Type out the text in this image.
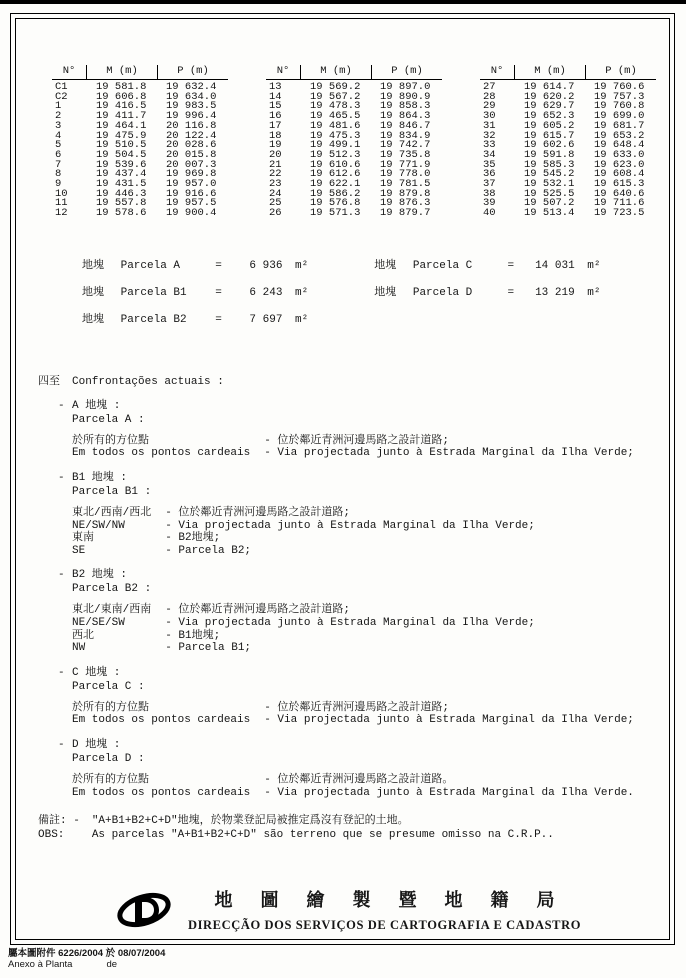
N°	M (m)	P (m)
C1	19 581.8	19 632.4
C2	19 606.8	19 634.0
1	19 416.5	19 983.5
2	19 411.7	19 996.4
3	19 464.1	20 116.8
4	19 475.9	20 122.4
5	19 510.5	20 028.6
6	19 504.5	20 015.8
7	19 539.6	20 007.3
8	19 437.4	19 969.8
9	19 431.5	19 957.0
10	19 446.3	19 916.6
11	19 557.8	19 957.5
12	19 578.6	19 900.4
N°	M (m)	P (m)
13	19 569.2	19 897.0
14	19 567.2	19 890.9
15	19 478.3	19 858.3
16	19 465.5	19 864.3
17	19 481.6	19 846.7
18	19 475.3	19 834.9
19	19 499.1	19 742.7
20	19 512.3	19 735.8
21	19 610.6	19 771.9
22	19 612.6	19 778.0
23	19 622.1	19 781.5
24	19 586.2	19 879.8
25	19 576.8	19 876.3
26	19 571.3	19 879.7
N°	M (m)	P (m)
27	19 614.7	19 760.6
28	19 620.2	19 757.3
29	19 629.7	19 760.8
30	19 652.3	19 699.0
31	19 605.2	19 681.7
32	19 615.7	19 653.2
33	19 602.6	19 648.4
34	19 591.8	19 633.0
35	19 585.3	19 623.0
36	19 545.2	19 608.4
37	19 532.1	19 615.3
38	19 525.5	19 640.6
39	19 507.2	19 711.6
40	19 513.4	19 723.5
地塊 Parcela A	=	6 936 m²
地塊 Parcela B1	=	6 243 m²
地塊 Parcela B2	=	7 697 m²
地塊 Parcela C	= 14 031 m²
地塊 Parcela D	= 13 219 m²
四至 Confrontações actuais :
- A 地塊 :
Parcela A :
於所有的方位點	- 位於鄰近青洲河邊馬路之設計道路;
Em todos os pontos cardeais	- Via projectada junto à Estrada Marginal da Ilha Verde;
- B1 地塊 :
Parcela B1 :
東北/西南/西北	- 位於鄰近青洲河邊馬路之設計道路;
NE/SW/NW	- Via projectada junto à Estrada Marginal da Ilha Verde;
東南	- B2地塊;
SE	- Parcela B2;
- B2 地塊 :
Parcela B2 :
東北/東南/西南	- 位於鄰近青洲河邊馬路之設計道路;
NE/SE/SW	- Via projectada junto à Estrada Marginal da Ilha Verde;
西北	- B1地塊;
NW	- Parcela B1;
- C 地塊 :
Parcela C :
於所有的方位點	- 位於鄰近青洲河邊馬路之設計道路;
Em todos os pontos cardeais	- Via projectada junto à Estrada Marginal da Ilha Verde;
- D 地塊 :
Parcela D :
於所有的方位點	- 位於鄰近青洲河邊馬路之設計道路。
Em todos os pontos cardeais	- Via projectada junto à Estrada Marginal da Ilha Verde.
備註: -	"A+B1+B2+C+D"地塊，於物業登記局被推定爲沒有登記的土地。
OBS:	As parcelas "A+B1+B2+C+D" são terreno que se presume omisso na C.R.P..
地圖繪製暨地籍局
DIRECÇÃO DOS SERVIÇOS DE CARTOGRAFIA E CADASTRO
屬本圖附件 6226/2004 於 08/07/2004
Anexo à Planta	de
